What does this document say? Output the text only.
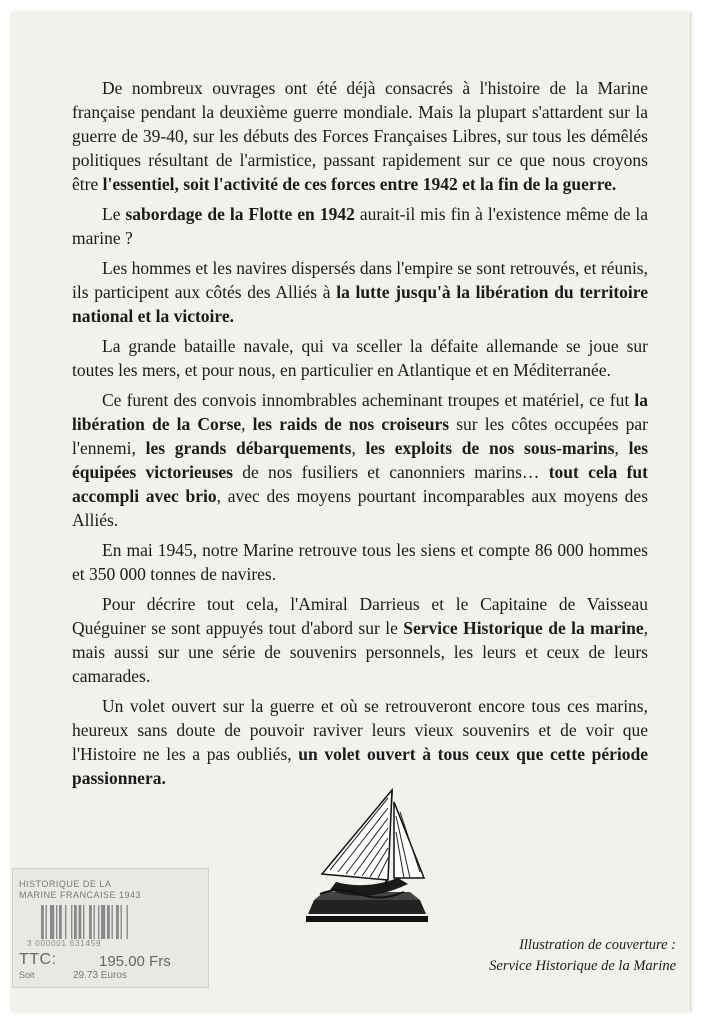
De nombreux ouvrages ont été déjà consacrés à l'histoire de la Marine française pendant la deuxième guerre mondiale. Mais la plupart s'attardent sur la guerre de 39-40, sur les débuts des Forces Françaises Libres, sur tous les démêlés politiques résultant de l'armistice, passant rapidement sur ce que nous croyons être l'essentiel, soit l'activité de ces forces entre 1942 et la fin de la guerre.

Le sabordage de la Flotte en 1942 aurait-il mis fin à l'existence même de la marine ?

Les hommes et les navires dispersés dans l'empire se sont retrouvés, et réunis, ils participent aux côtés des Alliés à la lutte jusqu'à la libération du territoire national et la victoire.

La grande bataille navale, qui va sceller la défaite allemande se joue sur toutes les mers, et pour nous, en particulier en Atlantique et en Méditerranée.

Ce furent des convois innombrables acheminant troupes et matériel, ce fut la libération de la Corse, les raids de nos croiseurs sur les côtes occupées par l'ennemi, les grands débarquements, les exploits de nos sous-marins, les équipées victorieuses de nos fusiliers et canonniers marins… tout cela fut accompli avec brio, avec des moyens pourtant incomparables aux moyens des Alliés.

En mai 1945, notre Marine retrouve tous les siens et compte 86 000 hommes et 350 000 tonnes de navires.

Pour décrire tout cela, l'Amiral Darrieus et le Capitaine de Vaisseau Quéguiner se sont appuyés tout d'abord sur le Service Historique de la marine, mais aussi sur une série de souvenirs personnels, les leurs et ceux de leurs camarades.

Un volet ouvert sur la guerre et où se retrouveront encore tous ces marins, heureux sans doute de pouvoir raviver leurs vieux souvenirs et de voir que l'Histoire ne les a pas oubliés, un volet ouvert à tous ceux que cette période passionnera.

Illustration de couverture :
Service Historique de la Marine
HISTORIQUE DE LA
MARINE FRANCAISE 1943
3 000001 631459
TTC:	195.00 Frs
Soit	29.73 Euros
